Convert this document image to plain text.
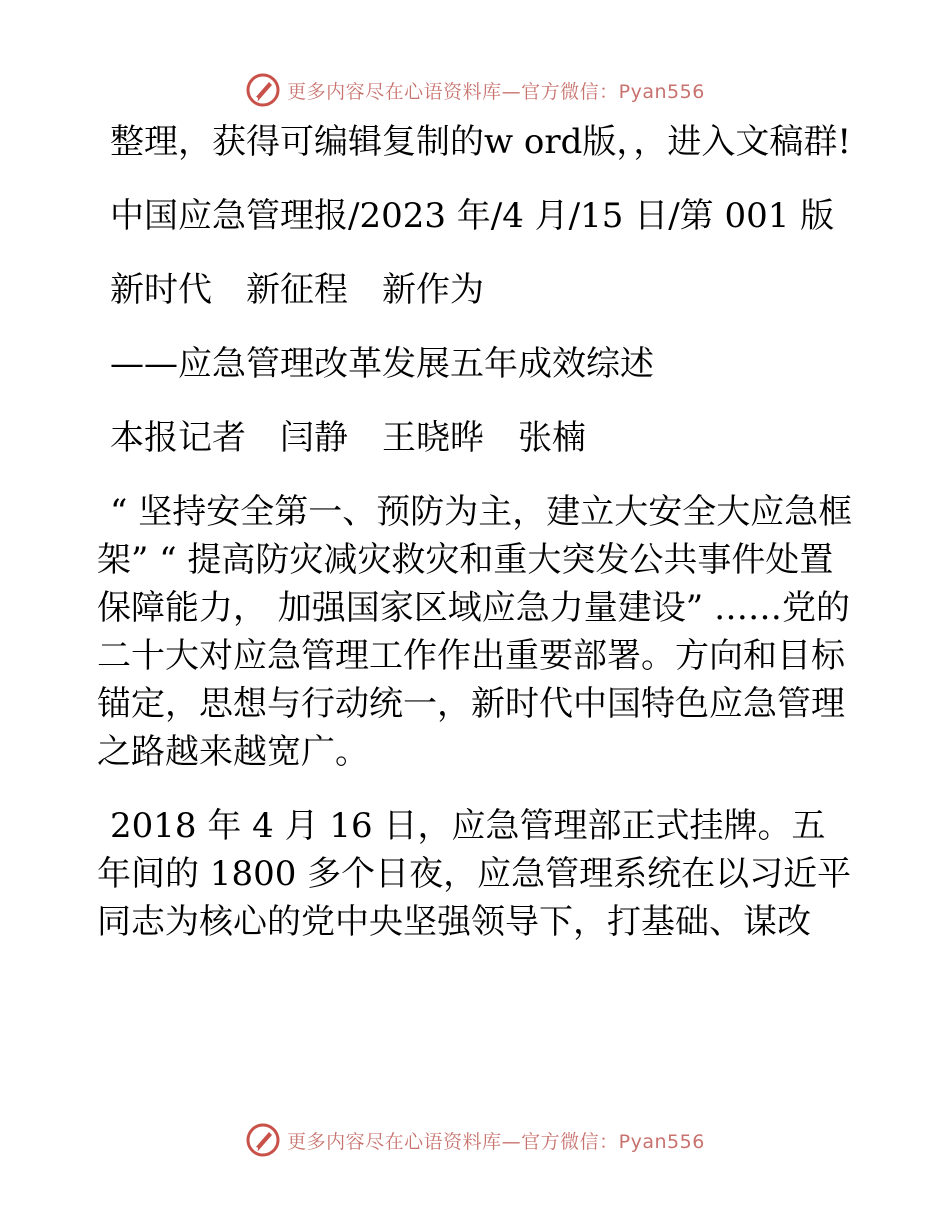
更多内容尽在心语资料库—官方微信：Pyan556

整理，获得可编辑复制的w ord版，，进入文稿群!

中国应急管理报/2023 年/4 月/15 日/第 001 版

新时代　新征程　新作为

——应急管理改革发展五年成效综述

本报记者　闫静　王晓晔　张楠

“ 坚持安全第一、预防为主，建立大安全大应急框架” “ 提高防灾减灾救灾和重大突发公共事件处置保障能力， 加强国家区域应急力量建设” ……党的二十大对应急管理工作作出重要部署。方向和目标锚定，思想与行动统一，新时代中国特色应急管理之路越来越宽广。

2018 年 4 月 16 日，应急管理部正式挂牌。五年间的 1800 多个日夜，应急管理系统在以习近平同志为核心的党中央坚强领导下，打基础、谋改

更多内容尽在心语资料库—官方微信：Pyan556
